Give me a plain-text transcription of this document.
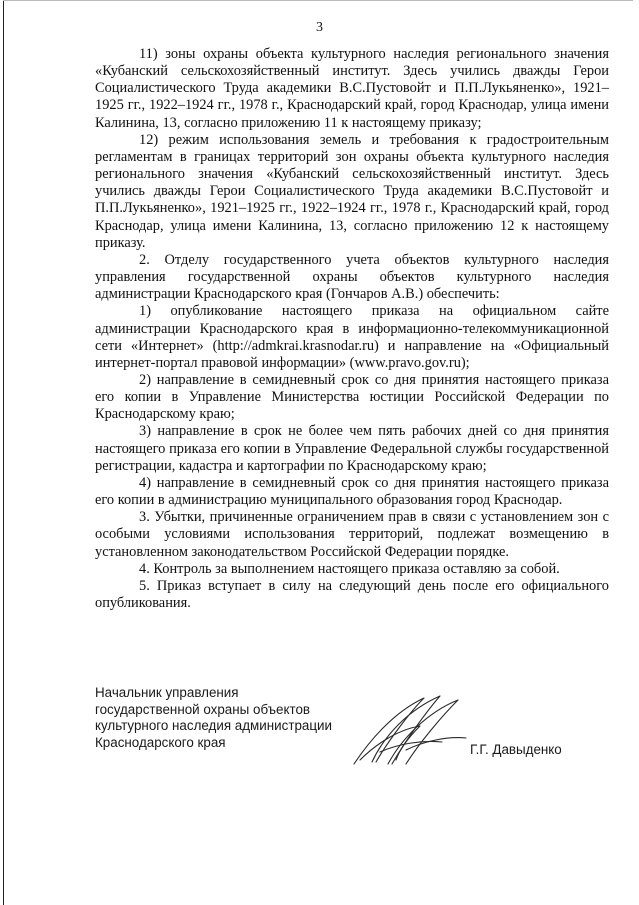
3

11) зоны охраны объекта культурного наследия регионального значения «Кубанский сельскохозяйственный институт. Здесь учились дважды Герои Социалистического Труда академики В.С.Пустовойт и П.П.Лукьяненко», 1921–1925 гг., 1922–1924 гг., 1978 г., Краснодарский край, город Краснодар, улица имени Калинина, 13, согласно приложению 11 к настоящему приказу;

12) режим использования земель и требования к градостроительным регламентам в границах территорий зон охраны объекта культурного наследия регионального значения «Кубанский сельскохозяйственный институт. Здесь учились дважды Герои Социалистического Труда академики В.С.Пустовойт и П.П.Лукьяненко», 1921–1925 гг., 1922–1924 гг., 1978 г., Краснодарский край, город Краснодар, улица имени Калинина, 13, согласно приложению 12 к настоящему приказу.

2. Отделу государственного учета объектов культурного наследия управления государственной охраны объектов культурного наследия администрации Краснодарского края (Гончаров А.В.) обеспечить:

1) опубликование настоящего приказа на официальном сайте администрации Краснодарского края в информационно-телекоммуникационной сети «Интернет» (http://admkrai.krasnodar.ru) и направление на «Официальный интернет-портал правовой информации» (www.pravo.gov.ru);

2) направление в семидневный срок со дня принятия настоящего приказа его копии в Управление Министерства юстиции Российской Федерации по Краснодарскому краю;

3) направление в срок не более чем пять рабочих дней со дня принятия настоящего приказа его копии в Управление Федеральной службы государственной регистрации, кадастра и картографии по Краснодарскому краю;

4) направление в семидневный срок со дня принятия настоящего приказа его копии в администрацию муниципального образования город Краснодар.

3. Убытки, причиненные ограничением прав в связи с установлением зон с особыми условиями использования территорий, подлежат возмещению в установленном законодательством Российской Федерации порядке.

4. Контроль за выполнением настоящего приказа оставляю за собой.

5. Приказ вступает в силу на следующий день после его официального опубликования.

Начальник управления
государственной охраны объектов
культурного наследия администрации
Краснодарского края	Г.Г. Давыденко
